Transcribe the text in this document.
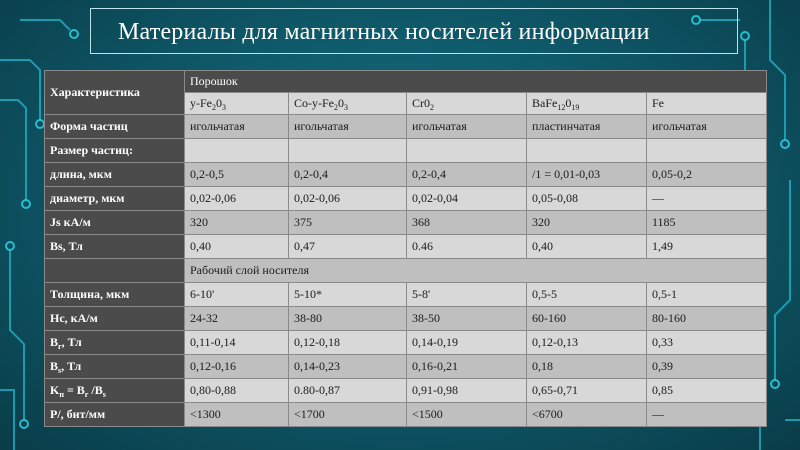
Материалы для магнитных носителей информации
Характеристика	Порошок				
	$y-Fe_20_3$	$Co-y-Fe_20_3$	$Cr0_2$	$BaFe_{12}0_{19}$	Fe
Форма частиц	игольчатая	игольчатая	игольчатая	пластинчатая	игольчатая
Размер частиц:					
длина, мкм	0,2-0,5	0,2-0,4	0,2-0,4	/1 = 0,01-0,03	0,05-0,2
диаметр, мкм	0,02-0,06	0,02-0,06	0,02-0,04	0,05-0,08	—
Js кА/м	320	375	368	320	1185
Bs, Тл	0,40	0,47	0.46	0,40	1,49
	Рабочий слой носителя				
Толщина, мкм	6-10'	5-10*	5-8'	0,5-5	0,5-1
Hc, кА/м	24-32	38-80	38-50	60-160	80-160
$B_r$, Тл	0,11-0,14	0,12-0,18	0,14-0,19	0,12-0,13	0,33
$B_s$, Тл	0,12-0,16	0,14-0,23	0,16-0,21	0,18	0,39
$K_п = B_r$ $/B_s$	0,80-0,88	0.80-0,87	0,91-0,98	0,65-0,71	0,85
P/, бит/мм	<1300	<1700	<1500	<6700	—
